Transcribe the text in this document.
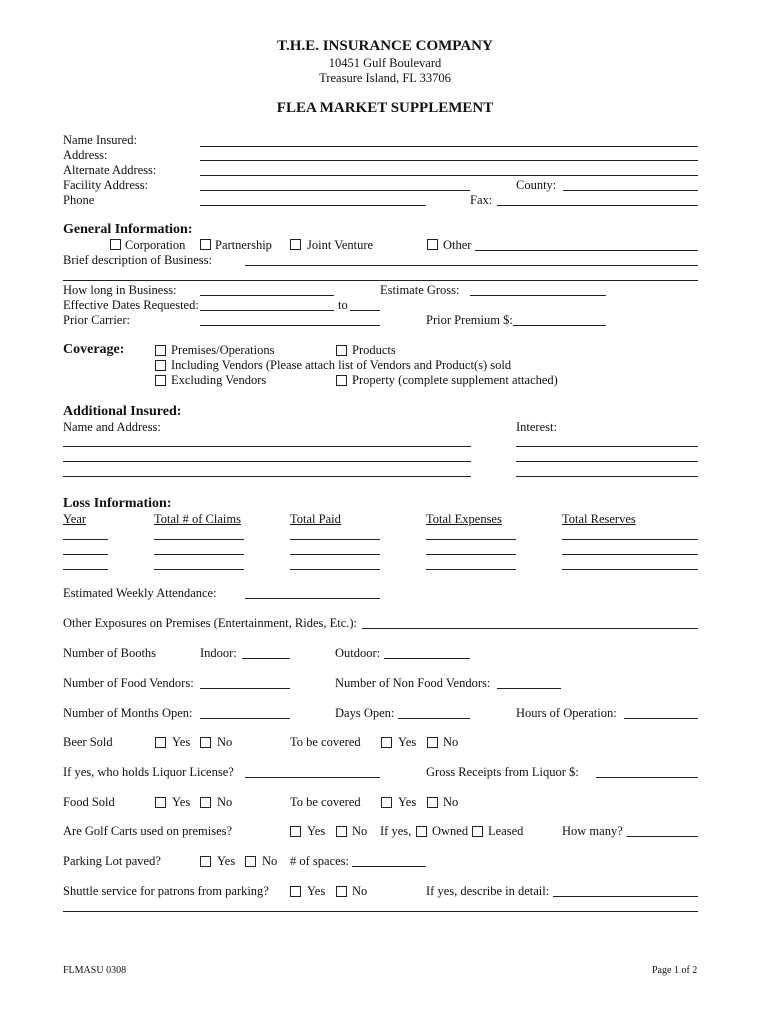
T.H.E. INSURANCE COMPANY
10451 Gulf Boulevard
Treasure Island, FL 33706
FLEA MARKET SUPPLEMENT
Name Insured:
Address:
Alternate Address:
Facility Address:	County:
Phone	Fax:
General Information:
Corporation Partnership	Joint Venture	Other
Brief description of Business:
How long in Business:	Estimate Gross:
Effective Dates Requested:	to
Prior Carrier:	Prior Premium $:
Coverage:	Premises/Operations	Products
Including Vendors (Please attach list of Vendors and Product(s) sold
Excluding Vendors	Property (complete supplement attached)
Additional Insured:
Name and Address:	Interest:
Loss Information:
Year	Total # of Claims	Total Paid	Total Expenses	Total Reserves
Estimated Weekly Attendance:
Other Exposures on Premises (Entertainment, Rides, Etc.):
Number of Booths	Indoor:	Outdoor:
Number of Food Vendors:	Number of Non Food Vendors:
Number of Months Open:	Days Open:	Hours of Operation:
Beer Sold	Yes No	To be covered	Yes No
If yes, who holds Liquor License?	Gross Receipts from Liquor $:
Food Sold	Yes No	To be covered	Yes No
Are Golf Carts used on premises?	Yes No If yes, Owned Leased	How many?
Parking Lot paved?	Yes No # of spaces:
Shuttle service for patrons from parking?	Yes No	If yes, describe in detail:
FLMASU 0308	Page 1 of 2
